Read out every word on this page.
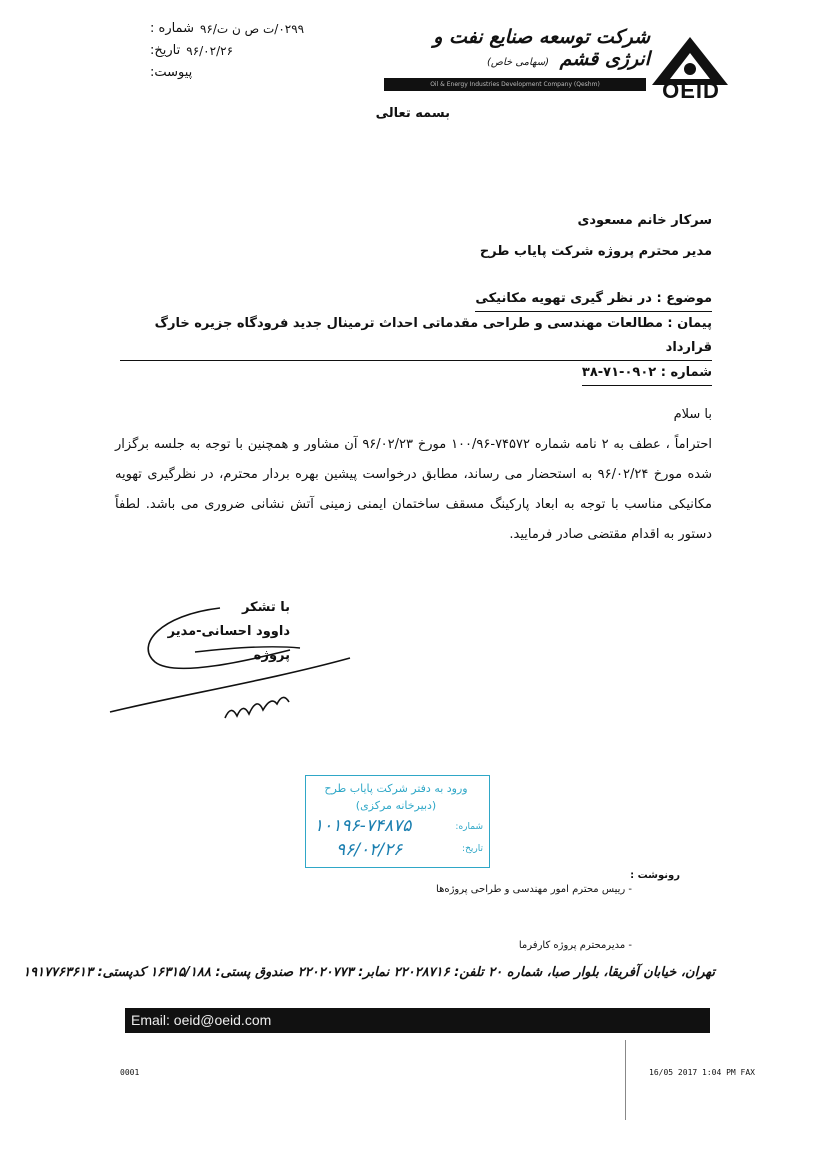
شماره : ۰۲۹۹/ت ص ن ت/۹۶
تاریخ: ۹۶/۰۲/۲۶
پیوست:
شرکت توسعه صنایع نفت و انرژی قشم (سهامی خاص)
Oil & Energy Industries Development Company (Qeshm)	OEID
بسمه تعالی
سرکار خانم مسعودی
مدیر محترم پروژه شرکت پایاب طرح
موضوع : در نظر گیری تهویه مکانیکی
پیمان : مطالعات مهندسی و طراحی مقدماتی احداث ترمینال جدید فرودگاه جزیره خارگ قرارداد
شماره : ۰۹۰۲-۷۱-۳۸

با سلام

احتراماً ، عطف به ۲ نامه شماره ۷۴۵۷۲-۱۰۰/۹۶ مورخ ۹۶/۰۲/۲۳ آن مشاور و همچنین با توجه به جلسه برگزار شده مورخ ۹۶/۰۲/۲۴ به استحضار می رساند، مطابق درخواست پیشین بهره بردار محترم، در نظرگیری تهویه مکانیکی مناسب با توجه به ابعاد پارکینگ مسقف ساختمان ایمنی زمینی آتش نشانی ضروری می باشد. لطفاً دستور به اقدام مقتضی صادر فرمایید.

با تشکر
داوود احسانی-مدیر پروژه
ورود به دفتر شرکت پایاب طرح
(دبیرخانه مرکزی)
شماره:
۱۰۱۹۶-۷۴۸۷۵
تاریخ:
۹۶/۰۲/۲۶
رونوشت :
- رییس محترم امور مهندسی و طراحی پروژه‌ها
- مدیرمحترم پروژه کارفرما
تهران، خیابان آفریقا، بلوار صبا، شماره ۲۰ تلفن: ۲۲۰۲۸۷۱۶ نمابر: ۲۲۰۲۰۷۷۳ صندوق پستی: ۱۶۳۱۵/۱۸۸ کدپستی: ۱۹۱۷۷۶۳۶۱۳
Email: oeid@oeid.com
0001	16/05 2017 1:04 PM FAX
